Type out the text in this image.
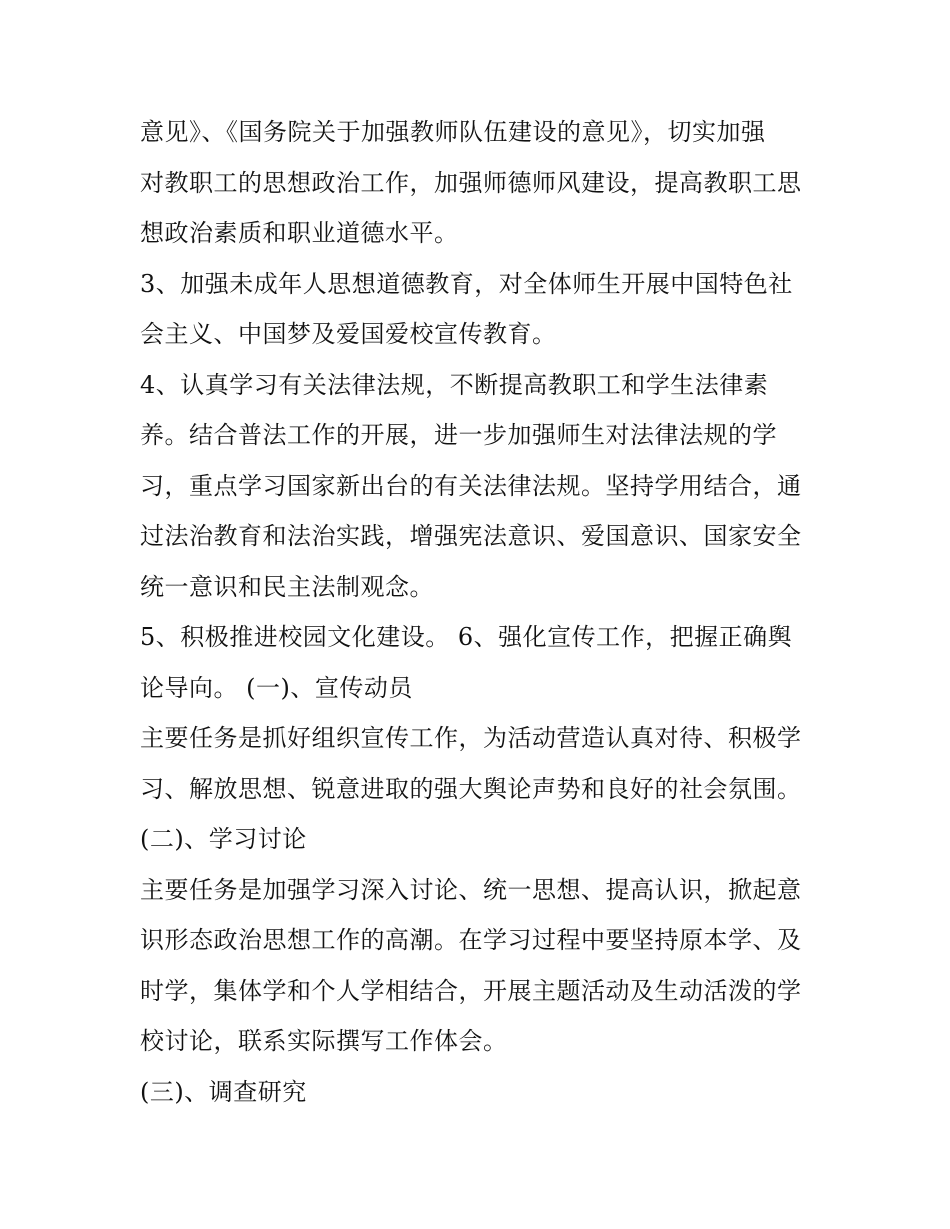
意见》、《国务院关于加强教师队伍建设的意见》，切实加强
对教职工的思想政治工作，加强师德师风建设，提高教职工思
想政治素质和职业道德水平。
3、加强未成年人思想道德教育，对全体师生开展中国特色社
会主义、中国梦及爱国爱校宣传教育。
4、认真学习有关法律法规，不断提高教职工和学生法律素
养。结合普法工作的开展，进一步加强师生对法律法规的学
习，重点学习国家新出台的有关法律法规。坚持学用结合，通
过法治教育和法治实践，增强宪法意识、爱国意识、国家安全
统一意识和民主法制观念。
5、积极推进校园文化建设。 6、强化宣传工作，把握正确舆
论导向。 (一)、宣传动员
主要任务是抓好组织宣传工作，为活动营造认真对待、积极学
习、解放思想、锐意进取的强大舆论声势和良好的社会氛围。
(二)、学习讨论
主要任务是加强学习深入讨论、统一思想、提高认识，掀起意
识形态政治思想工作的高潮。在学习过程中要坚持原本学、及
时学，集体学和个人学相结合，开展主题活动及生动活泼的学
校讨论，联系实际撰写工作体会。
(三)、调查研究
